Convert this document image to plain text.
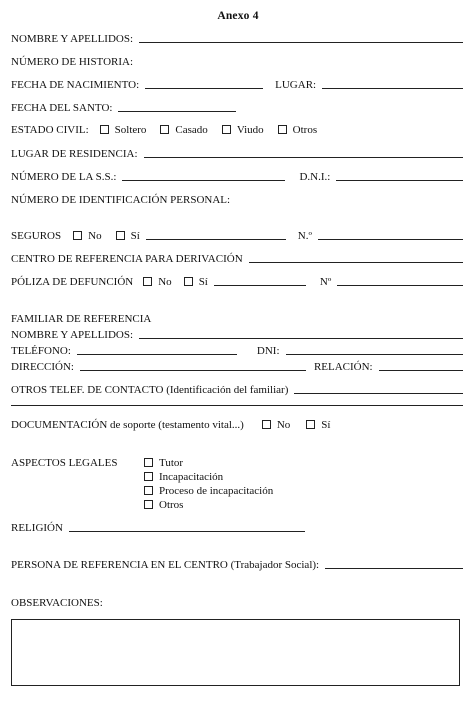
Anexo 4
NOMBRE Y APELLIDOS:
NÚMERO DE HISTORIA:
FECHA DE NACIMIENTO:	LUGAR:
FECHA DEL SANTO:
ESTADO CIVIL: Soltero	Casado	Viudo	Otros
LUGAR DE RESIDENCIA:
NÚMERO DE LA S.S.:	D.N.I.:
NÚMERO DE IDENTIFICACIÓN PERSONAL:
SEGUROS No	Sí	N.º
CENTRO DE REFERENCIA PARA DERIVACIÓN
PÓLIZA DE DEFUNCIÓN No Sí	Nº
FAMILIAR DE REFERENCIA
NOMBRE Y APELLIDOS:
TELÉFONO:	DNI:
DIRECCIÓN:	RELACIÓN:
OTROS TELEF. DE CONTACTO (Identificación del familiar)
DOCUMENTACIÓN de soporte (testamento vital...)	No	Sí
ASPECTOS LEGALES	Tutor
Incapacitación
Proceso de incapacitación
Otros
RELIGIÓN
PERSONA DE REFERENCIA EN EL CENTRO (Trabajador Social):
OBSERVACIONES:
